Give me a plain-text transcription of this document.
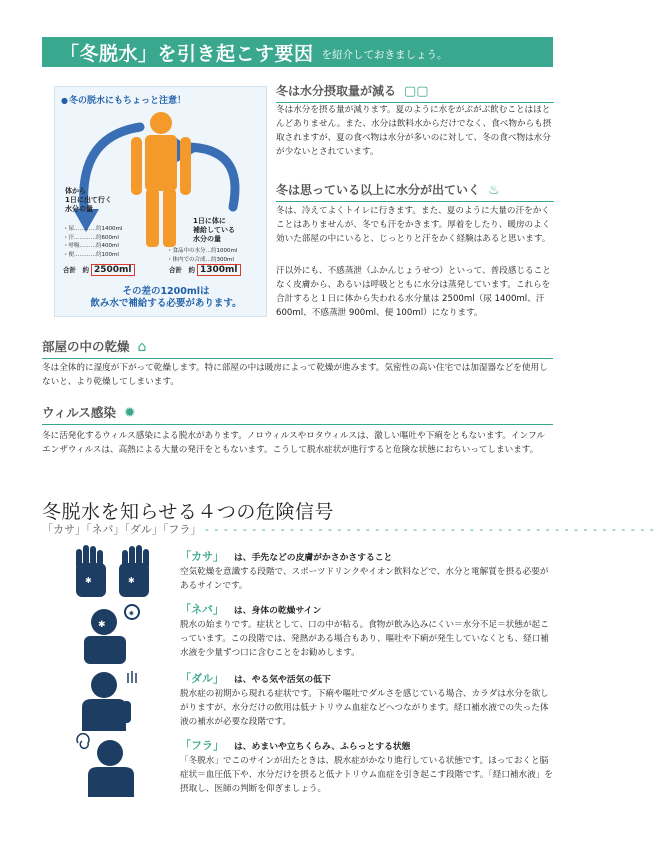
「冬脱水」を引き起こす要因 を紹介しておきましょう。
● 冬の脱水にもちょっと注意！
体から
1日に出て行く
水分の量
・尿…………約1400ml
・汗…………約600ml
・呼吸………約400ml
・便…………約100ml
1日に体に
補給している
水分の量
・食品中の水分…約1000ml
・体内での合成…約300ml
合計　約 2500ml	合計　約 1300ml
その差の1200mlは
飲み水で補給する必要があります。
冬は水分摂取量が減る ▢▢
冬は水分を摂る量が減ります。夏のように水をがぶがぶ飲むことはほとんどありません。また、水分は飲料水からだけでなく、食べ物からも摂取されますが、夏の食べ物は水分が多いのに対して、冬の食べ物は水分が少ないとされています。
冬は思っている以上に水分が出ていく ♨
冬は、冷えてよくトイレに行きます。また、夏のように大量の汗をかくことはありませんが、冬でも汗をかきます。厚着をしたり、暖房のよく効いた部屋の中にいると、じっとりと汗をかく経験はあると思います。
汗以外にも、不感蒸泄（ふかんじょうせつ）といって、普段感じることなく皮膚から、あるいは呼吸とともに水分は蒸発しています。これらを合計すると１日に体から失われる水分量は 2500ml（尿 1400ml、汗 600ml、不感蒸泄 900ml、便 100ml）になります。
部屋の中の乾燥 ⌂
冬は全体的に湿度が下がって乾燥します。特に部屋の中は暖房によって乾燥が進みます。気密性の高い住宅では加湿器などを使用しないと、より乾燥してしまいます。
ウィルス感染 ✹
冬に活発化するウィルス感染による脱水があります。ノロウィルスやロタウィルスは、激しい嘔吐や下痢をともないます。インフルエンザウィルスは、高熱による大量の発汗をともないます。こうして脱水症状が進行すると危険な状態におちいってしまいます。
冬脱水を知らせる４つの危険信号
「カサ」「ネバ」「ダル」「フラ」 - - - - - - - - - - - - - - - - - - - - - - - - - - - - - - - - - - - - - - - - - - - - - - - -
✱	✱
✷
✱
「カサ」 は、手先などの皮膚がかさかさすること
空気乾燥を意識する段階で、スポーツドリンクやイオン飲料などで、水分と電解質を摂る必要があるサインです。
「ネバ」 は、身体の乾燥サイン
脱水の始まりです。症状として、口の中が粘る。食物が飲み込みにくい＝水分不足＝状態が起こっています。この段階では、発熱がある場合もあり、嘔吐や下痢が発生していなくとも、経口補水液を少量ずつ口に含むことをお勧めします。
「ダル」 は、やる気や活気の低下
脱水症の初期から現れる症状です。下痢や嘔吐でダルさを感じている場合、カラダは水分を欲しがりますが、水分だけの飲用は低ナトリウム血症などへつながります。経口補水液での失った体液の補水が必要な段階です。
「フラ」 は、めまいや立ちくらみ、ふらっとする状態
「冬脱水」でこのサインが出たときは、脱水症がかなり進行している状態です。ほっておくと脳症状＝血圧低下や、水分だけを摂ると低ナトリウム血症を引き起こす段階です。「経口補水液」を摂取し、医師の判断を仰ぎましょう。
